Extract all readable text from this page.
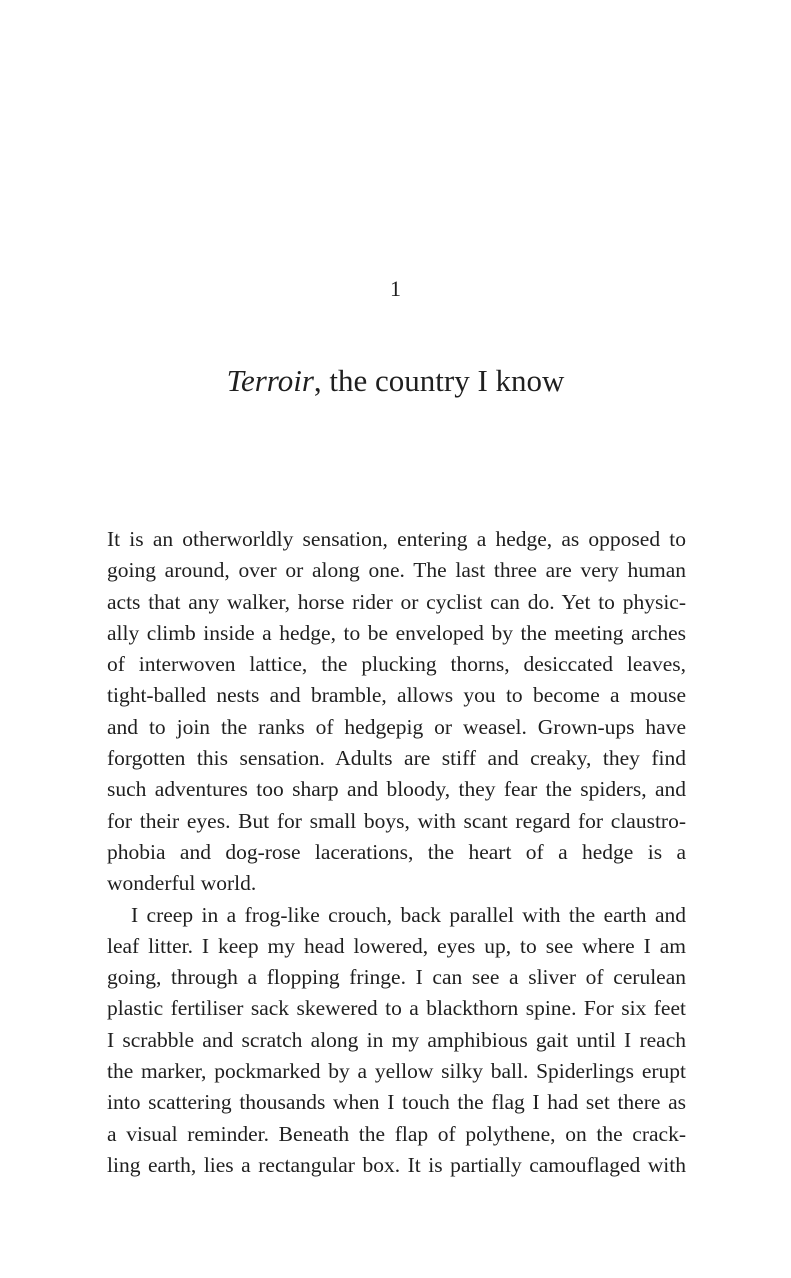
1
Terroir, the country I know
It is an otherworldly sensation, entering a hedge, as opposed to
going around, over or along one. The last three are very human
acts that any walker, horse rider or cyclist can do. Yet to physic-
ally climb inside a hedge, to be enveloped by the meeting arches
of interwoven lattice, the plucking thorns, desiccated leaves,
tight-balled nests and bramble, allows you to become a mouse
and to join the ranks of hedgepig or weasel. Grown-ups have
forgotten this sensation. Adults are stiff and creaky, they find
such adventures too sharp and bloody, they fear the spiders, and
for their eyes. But for small boys, with scant regard for claustro-
phobia and dog-rose lacerations, the heart of a hedge is a
wonderful world.
I creep in a frog-like crouch, back parallel with the earth and
leaf litter. I keep my head lowered, eyes up, to see where I am
going, through a flopping fringe. I can see a sliver of cerulean
plastic fertiliser sack skewered to a blackthorn spine. For six feet
I scrabble and scratch along in my amphibious gait until I reach
the marker, pockmarked by a yellow silky ball. Spiderlings erupt
into scattering thousands when I touch the flag I had set there as
a visual reminder. Beneath the flap of polythene, on the crack-
ling earth, lies a rectangular box. It is partially camouflaged with
